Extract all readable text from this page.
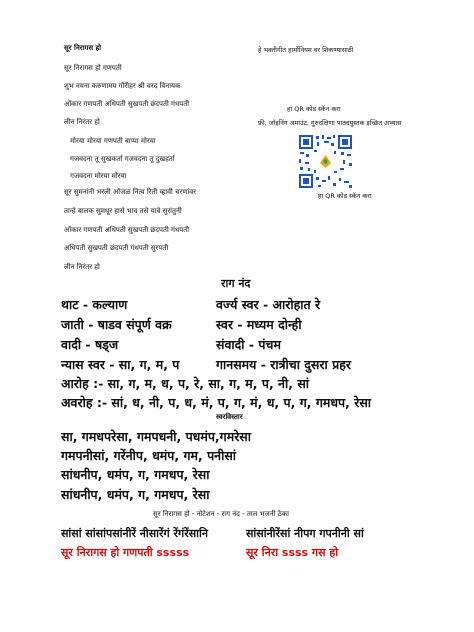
सूर निरागस हो	हे भक्तीगीत हार्मोनियम वर शिकण्यासाठी
सूर निरागस हो गणपती
शुभ नयना करुणामय गौरीहर श्री वरद विनायक
ओंकार गणपती अधिपती सुखपती छंदपती गंधपती
लीन निरंतर हो
मोरया मोरया गणपती बाप्पा मोरया
गजवदना तू सुखकर्ता गजवदना तू दुखहर्ता
गजवदना मोरया मोरया
सूर सुमनांनी भरली ओंजळ नित्य रिती व्हावी चरणांवर
तान्हे बालक सुमधूर हासे भाव तसे यावे सुरांतुनी
ओंकार गणपती अधिपती सुखपती छंदपती गंधपती
अधिपती सुखपती छंदपती गंधपती सुरपती
लीन निरंतर हो
हा QR कोड स्कॅन करा
फ्री, जॉइनिंग अमाउंट, गुरुदक्षिणा पाठ्यपुस्तक इच्छित अभ्यास
हा QR कोड स्कॅन करा
राग नंद
थाट - कल्याण	वर्ज्य स्वर - आरोहात रे
जाती - षाडव संपूर्ण वक्र	स्वर - मध्यम दोन्ही
वादी - षड्ज	संवादी - पंचम
न्यास स्वर - सा, ग, म, प	गानसमय - रात्रीचा दुसरा प्रहर
आरोह :- सा, ग, म, ध, प, रे, सा, ग, म, प, नी, सां
अवरोह :- सां, ध, नी, प, ध, मं, प, ग, मं, ध, प, ग, गमधप, रेसा
स्वरविस्तार
सा, गमधपरेसा, गमपधनी, पधमंप,गमरेसा
गमपनीसां, गरेंनीप, धमंप, गम, पनीसां
सांधनीप, धमंप, ग, गमधप, रेसा
सांधनीप, धमंप, ग, गमधप, रेसा
सूर निरागस हो - नोटेशन - राग नंद - ताल भजनी ठेका
सांसां सांसांपसांनीरें नीसारेंगं रेंगंरेंसानि	सांसांनीरेंसां नीपग गपनीनी सां
सूर निरागस हो गणपती sssss	सूर निरा ssss गस हो
